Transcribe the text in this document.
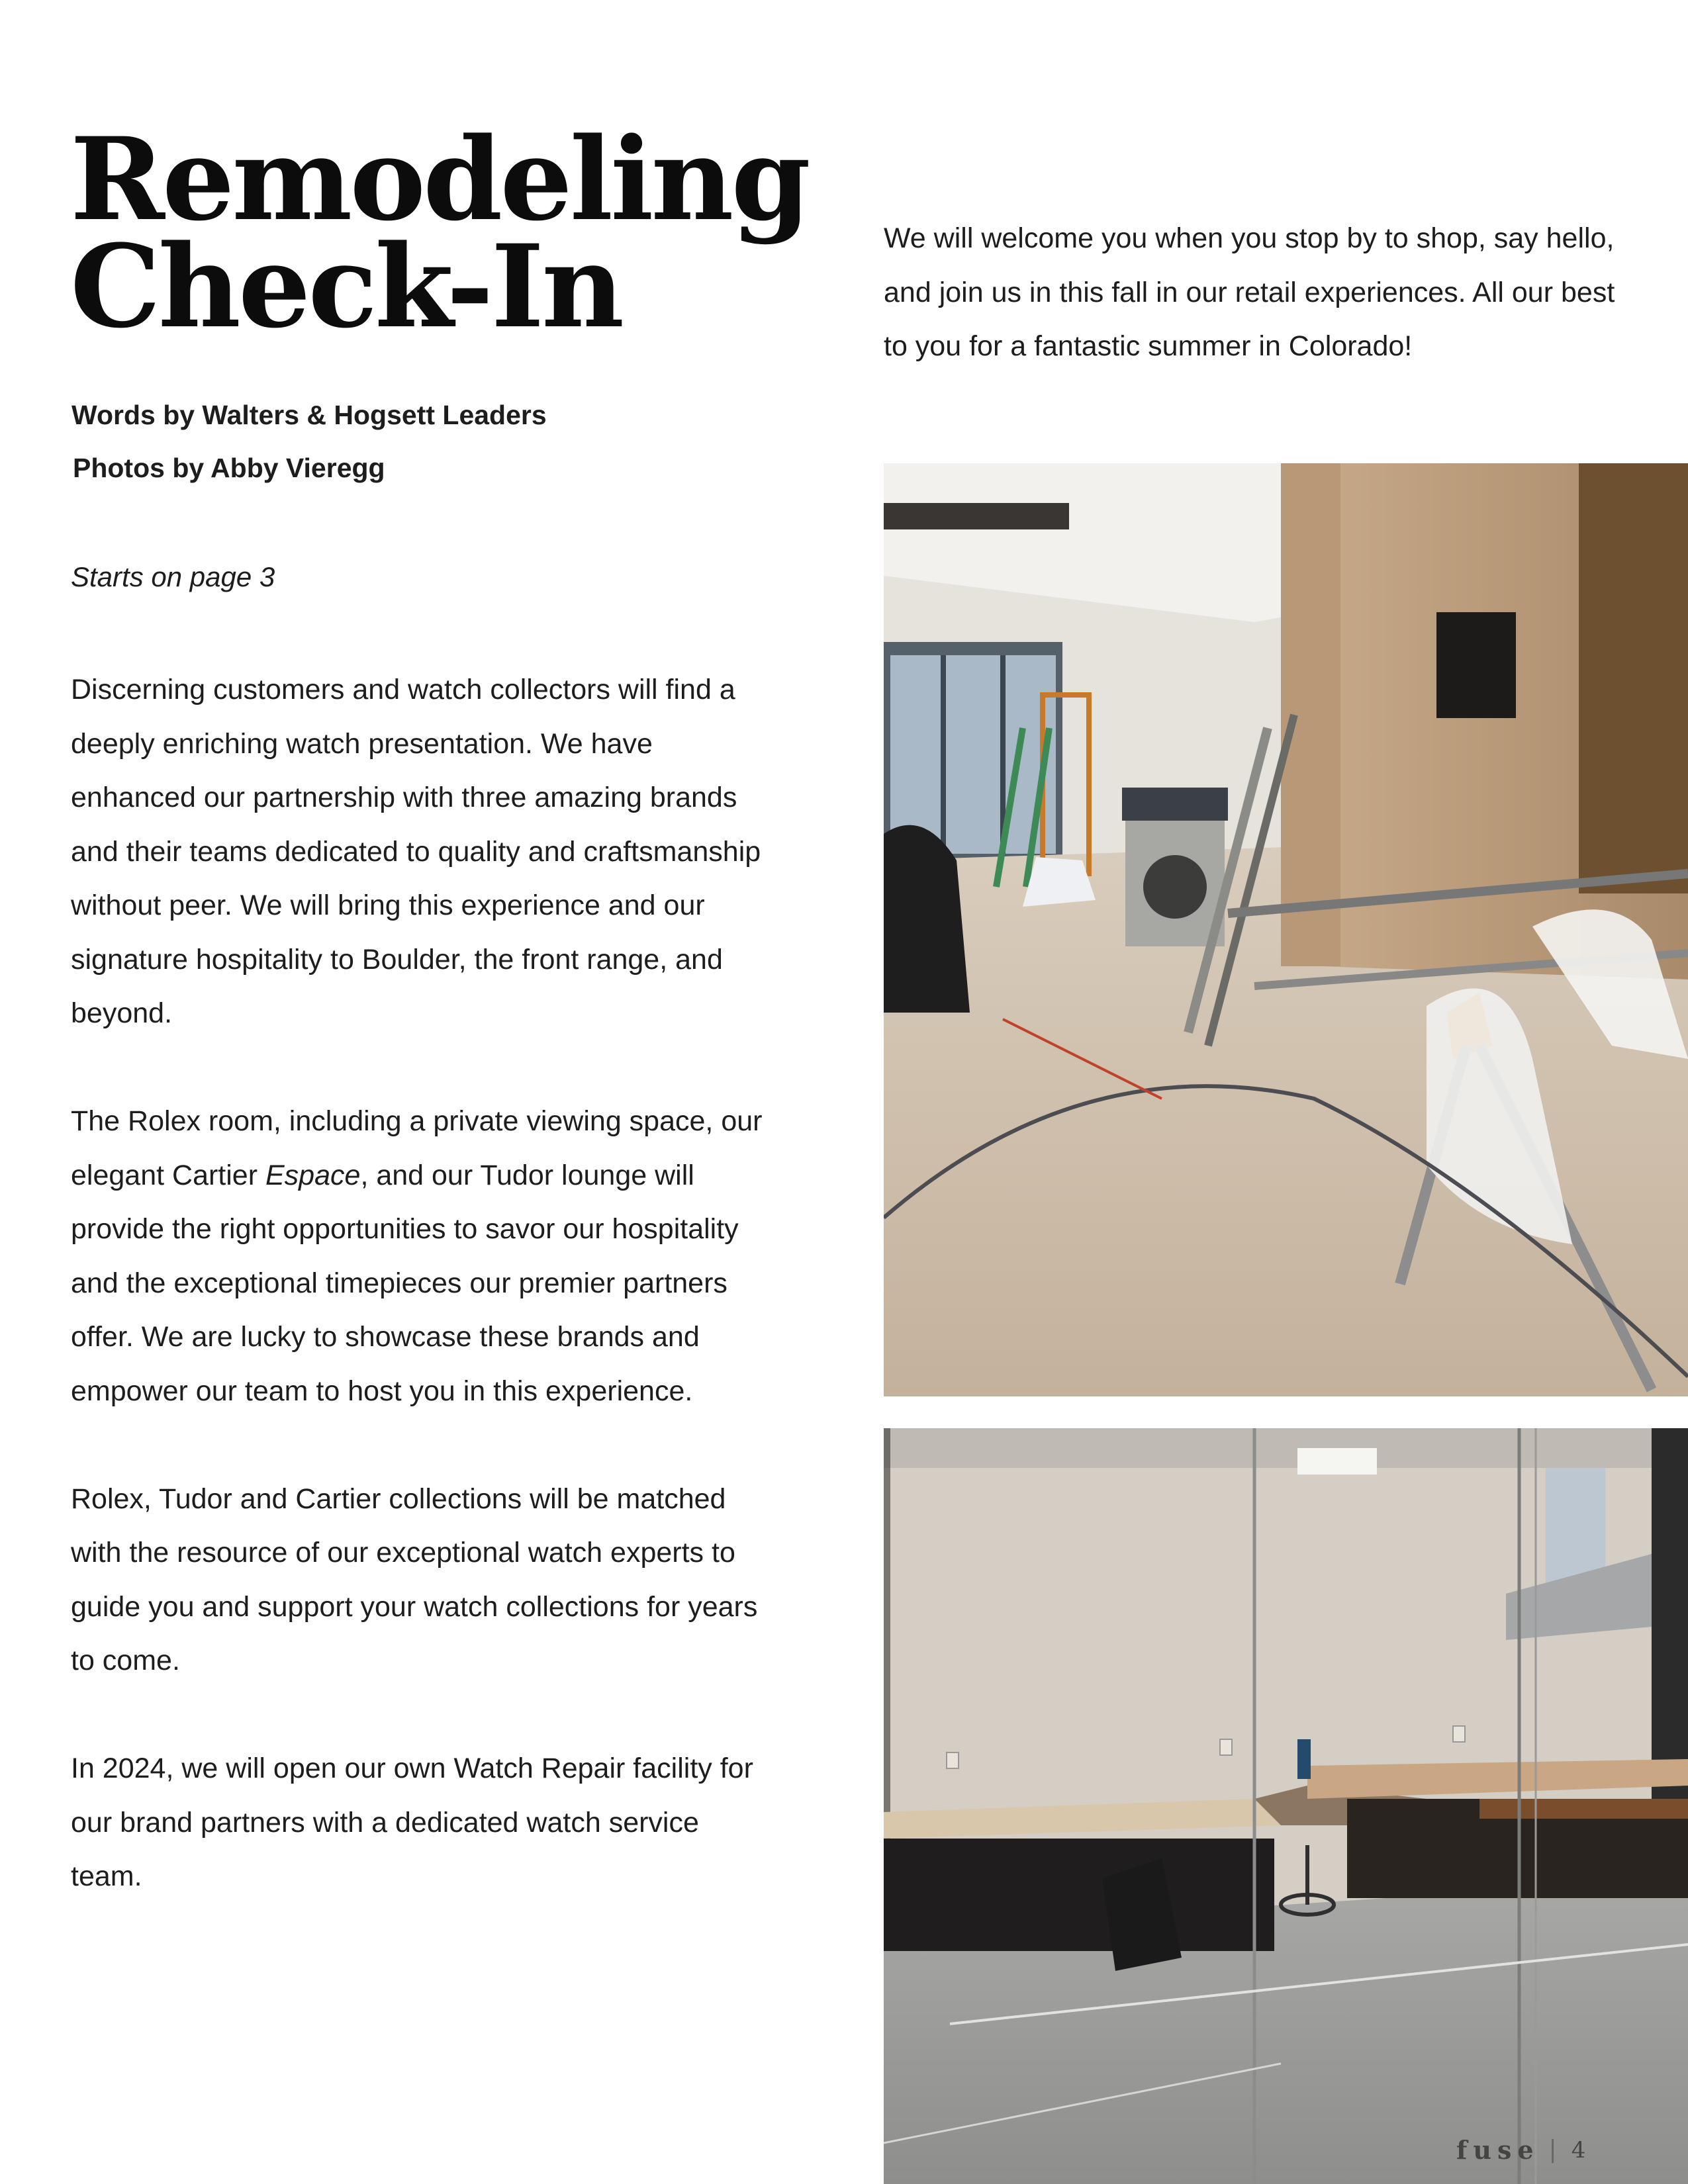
Remodeling
Check-In
Words by Walters & Hogsett Leaders
Photos by Abby Vieregg
Starts on page 3

Discerning customers and watch collectors will find a deeply enriching watch presentation. We have enhanced our partnership with three amazing brands and their teams dedicated to quality and craftsmanship without peer. We will bring this experience and our signature hospitality to Boulder, the front range, and beyond.

The Rolex room, including a private viewing space, our elegant Cartier Espace, and our Tudor lounge will provide the right opportunities to savor our hospitality and the exceptional timepieces our premier partners offer. We are lucky to showcase these brands and empower our team to host you in this experience.

Rolex, Tudor and Cartier collections will be matched with the resource of our exceptional watch experts to guide you and support your watch collections for years to come.

In 2024, we will open our own Watch Repair facility for our brand partners with a dedicated watch service team.

We will welcome you when you stop by to shop, say hello, and join us in this fall in our retail experiences. All our best to you for a fantastic summer in Colorado!

fuse | 4
